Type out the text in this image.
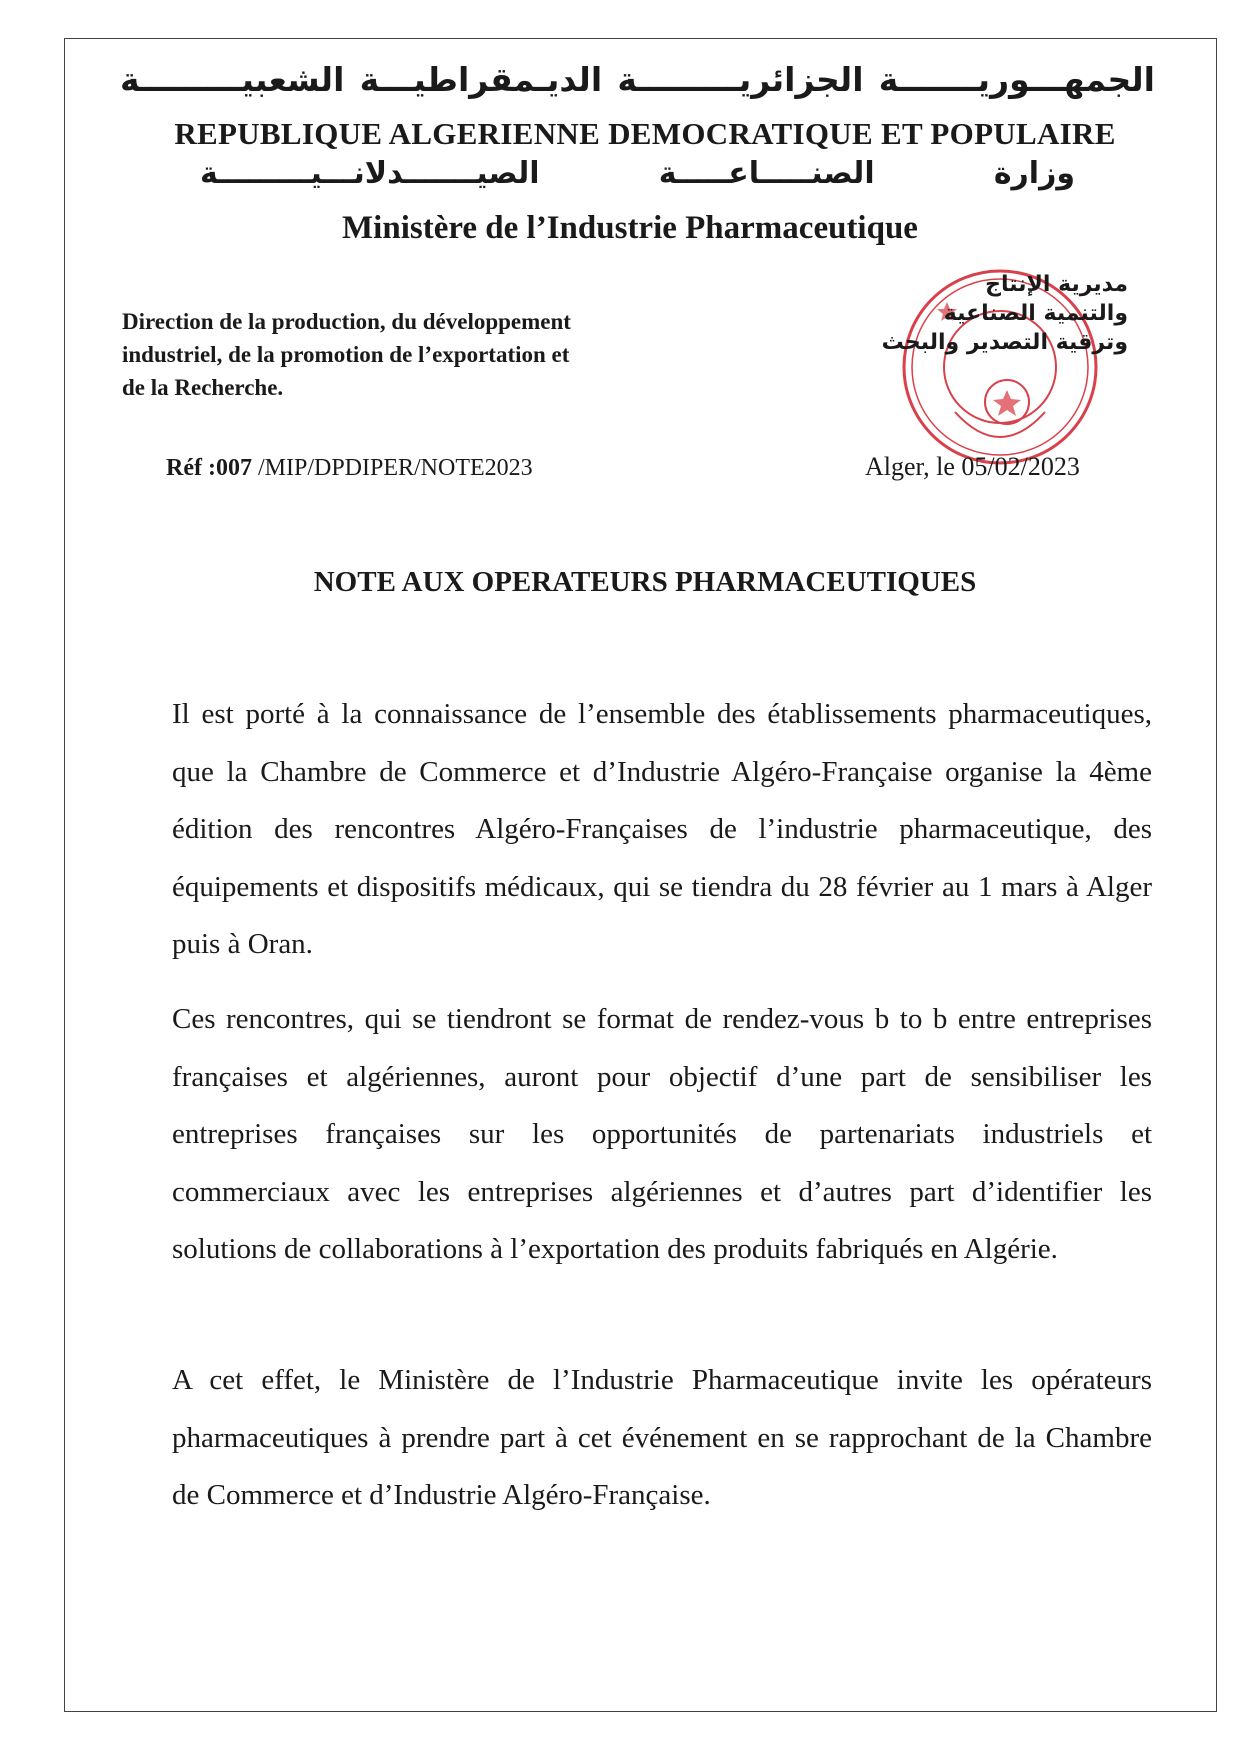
الجمهـــوريـــــــة الجزائريـــــــــة الديـمقراطيـــة الشعبيـــــــــة
REPUBLIQUE ALGERIENNE DEMOCRATIQUE ET POPULAIRE
وزارة الصنـــــاعـــــة الصيـــــــدلانـــيـــــــــة
Ministère de l’Industrie Pharmaceutique
Direction de la production, du développement industriel, de la promotion de l’exportation et de la Recherche.
Réf :007 /MIP/DPDIPER/NOTE2023
مديرية الإنتاج
والتنمية الصناعية
وترقية التصدير والبحث
Alger, le 05/02/2023
NOTE AUX OPERATEURS PHARMACEUTIQUES
Il est porté à la connaissance de l’ensemble des établissements pharmaceutiques, que la Chambre de Commerce et d’Industrie Algéro-Française organise la 4ème édition des rencontres Algéro-Françaises de l’industrie pharmaceutique, des équipements et dispositifs médicaux, qui se tiendra du 28 février au 1 mars à Alger puis à Oran.
Ces rencontres, qui se tiendront se format de rendez-vous b to b entre entreprises françaises et algériennes, auront pour objectif d’une part de sensibiliser les entreprises françaises sur les opportunités de partenariats industriels et commerciaux avec les entreprises algériennes et d’autres part d’identifier les solutions de collaborations à l’exportation des produits fabriqués en Algérie.
A cet effet, le Ministère de l’Industrie Pharmaceutique invite les opérateurs pharmaceutiques à prendre part à cet événement en se rapprochant de la Chambre de Commerce et d’Industrie Algéro-Française.
